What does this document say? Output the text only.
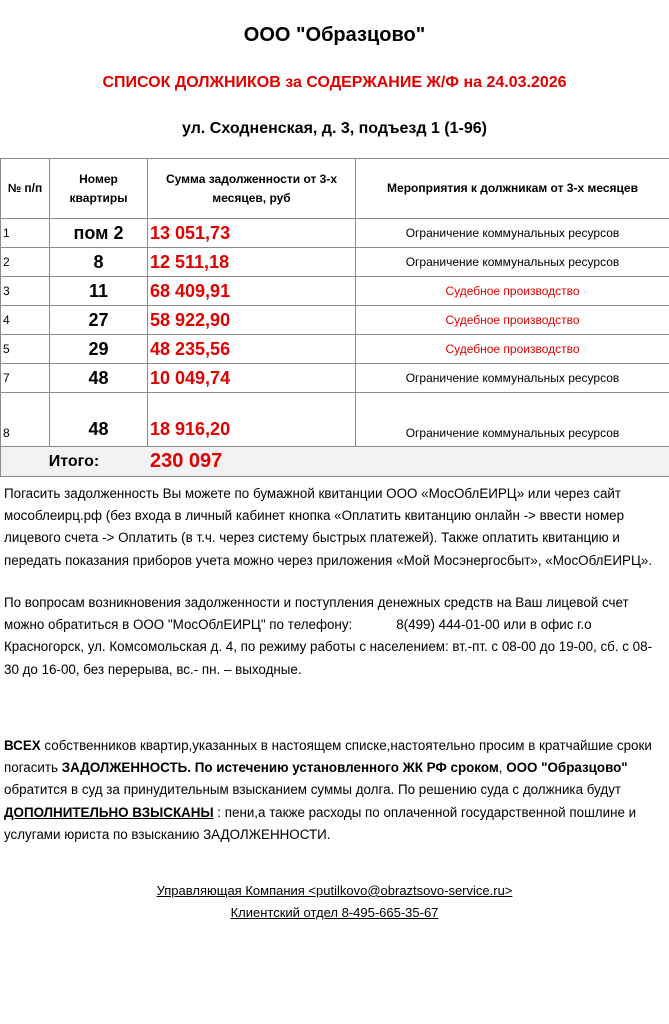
ООО "Образцово"
СПИСОК ДОЛЖНИКОВ за СОДЕРЖАНИЕ Ж/Ф на 24.03.2026
ул. Сходненская, д. 3, подъезд 1 (1-96)
№ п/п	Номер квартиры	Сумма задолженности от 3-х месяцев, руб	Мероприятия к должникам от 3-х месяцев
1	пом 2	13 051,73	Ограничение коммунальных ресурсов
2	8	12 511,18	Ограничение коммунальных ресурсов
3	11	68 409,91	Судебное производство
4	27	58 922,90	Судебное производство
5	29	48 235,56	Судебное производство
7	48	10 049,74	Ограничение коммунальных ресурсов
8	48	18 916,20	Ограничение коммунальных ресурсов
Итого:		230 097	
Погасить задолженность Вы можете по бумажной квитанции ООО «МосОблЕИРЦ» или через сайт мособлеирц.рф (без входа в личный кабинет кнопка «Оплатить квитанцию онлайн -> ввести номер лицевого счета -> Оплатить (в т.ч. через систему быстрых платежей). Также оплатить квитанцию и передать показания приборов учета можно через приложения «Мой Мосэнергосбыт», «МосОблЕИРЦ».
По вопросам возникновения задолженности и поступления денежных средств на Ваш лицевой счет можно обратиться в ООО "МосОблЕИРЦ" по телефону:	8(499) 444-01-00 или в офис г.о Красногорск, ул. Комсомольская д. 4, по режиму работы с населением: вт.-пт. с 08-00 до 19-00, сб. с 08-30 до 16-00, без перерыва, вс.- пн. – выходные.
ВСЕХ собственников квартир,указанных в настоящем списке,настоятельно просим в кратчайшие сроки погасить ЗАДОЛЖЕННОСТЬ. По истечению установленного ЖК РФ сроком, ООО "Образцово" обратится в суд за принудительным взысканием суммы долга. По решению суда с должника будут ДОПОЛНИТЕЛЬНО ВЗЫСКАНЫ : пени,а также расходы по оплаченной государственной пошлине и услугами юриста по взысканию ЗАДОЛЖЕННОСТИ.
Управляющая Компания <putilkovo@obraztsovo-service.ru>
Клиентский отдел 8-495-665-35-67
